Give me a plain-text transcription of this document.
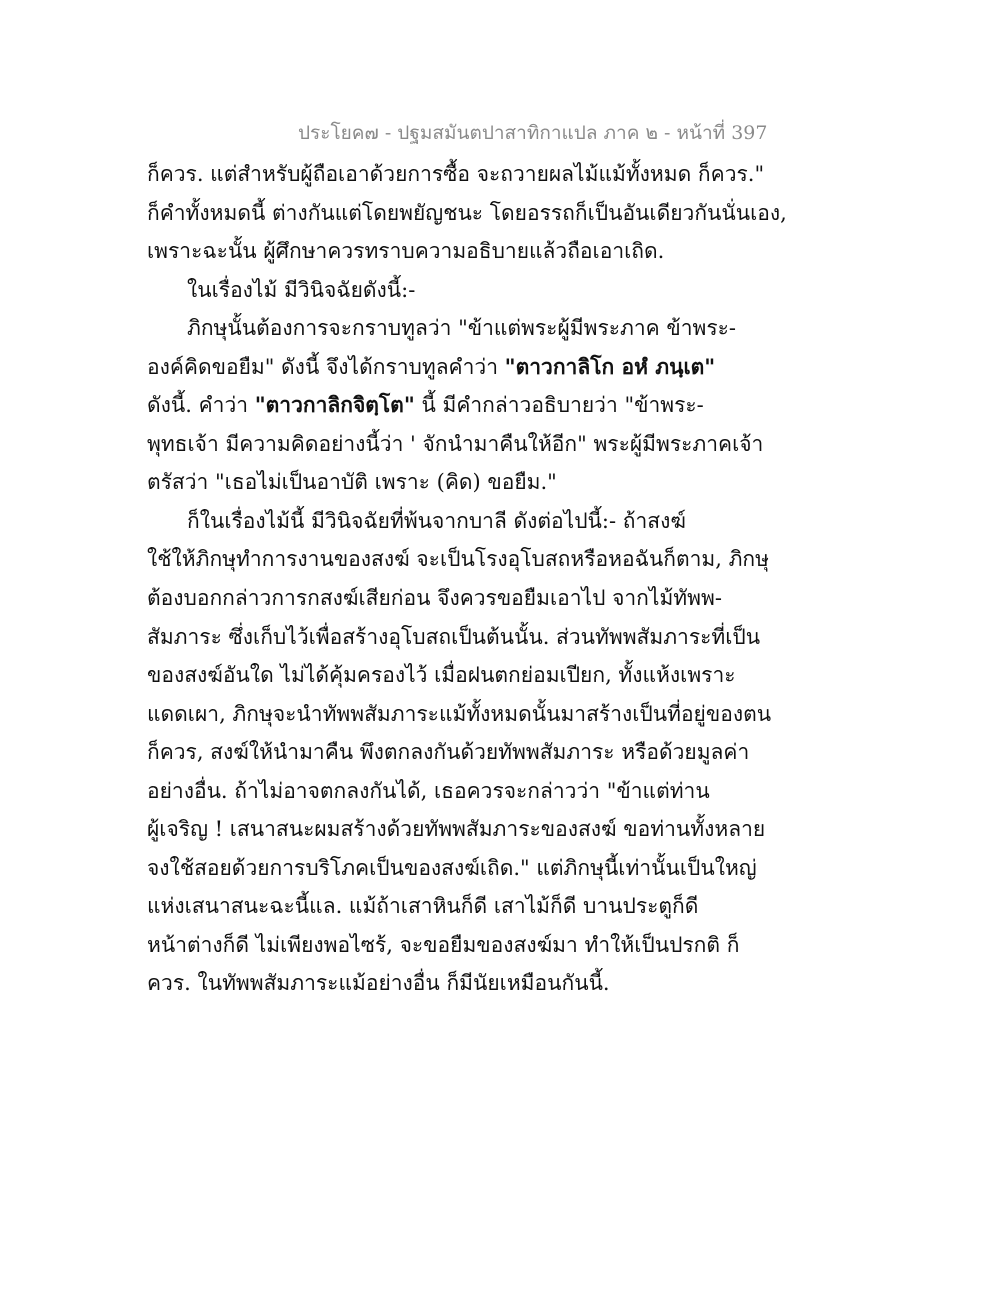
ประโยค๗ - ปฐมสมันตปาสาทิกาแปล ภาค ๒ - หน้าที่ 397
ก็ควร. แต่สำหรับผู้ถือเอาด้วยการซื้อ จะถวายผลไม้แม้ทั้งหมด ก็ควร."
ก็คำทั้งหมดนี้ ต่างกันแต่โดยพยัญชนะ โดยอรรถก็เป็นอันเดียวกันนั่นเอง,
เพราะฉะนั้น ผู้ศึกษาควรทราบความอธิบายแล้วถือเอาเถิด.
ในเรื่องไม้ มีวินิจฉัยดังนี้:-
ภิกษุนั้นต้องการจะกราบทูลว่า "ข้าแต่พระผู้มีพระภาค ข้าพระ-
องค์คิดขอยืม" ดังนี้ จึงได้กราบทูลคำว่า "ตาวกาลิโก อหํ ภนฺเต"
ดังนี้. คำว่า "ตาวกาลิกจิตฺโต" นี้ มีคำกล่าวอธิบายว่า "ข้าพระ-
พุทธเจ้า มีความคิดอย่างนี้ว่า ' จักนำมาคืนให้อีก" พระผู้มีพระภาคเจ้า
ตรัสว่า "เธอไม่เป็นอาบัติ เพราะ (คิด) ขอยืม."
ก็ในเรื่องไม้นี้ มีวินิจฉัยที่พ้นจากบาลี ดังต่อไปนี้:- ถ้าสงฆ์
ใช้ให้ภิกษุทำการงานของสงฆ์ จะเป็นโรงอุโบสถหรือหอฉันก็ตาม, ภิกษุ
ต้องบอกกล่าวการกสงฆ์เสียก่อน จึงควรขอยืมเอาไป จากไม้ทัพพ-
สัมภาระ ซึ่งเก็บไว้เพื่อสร้างอุโบสถเป็นต้นนั้น. ส่วนทัพพสัมภาระที่เป็น
ของสงฆ์อันใด ไม่ได้คุ้มครองไว้ เมื่อฝนตกย่อมเปียก, ทั้งแห้งเพราะ
แดดเผา, ภิกษุจะนำทัพพสัมภาระแม้ทั้งหมดนั้นมาสร้างเป็นที่อยู่ของตน
ก็ควร, สงฆ์ให้นำมาคืน พึงตกลงกันด้วยทัพพสัมภาระ หรือด้วยมูลค่า
อย่างอื่น. ถ้าไม่อาจตกลงกันได้, เธอควรจะกล่าวว่า "ข้าแต่ท่าน
ผู้เจริญ ! เสนาสนะผมสร้างด้วยทัพพสัมภาระของสงฆ์ ขอท่านทั้งหลาย
จงใช้สอยด้วยการบริโภคเป็นของสงฆ์เถิด." แต่ภิกษุนี้เท่านั้นเป็นใหญ่
แห่งเสนาสนะฉะนี้แล. แม้ถ้าเสาหินก็ดี เสาไม้ก็ดี บานประตูก็ดี
หน้าต่างก็ดี ไม่เพียงพอไซร้, จะขอยืมของสงฆ์มา ทำให้เป็นปรกติ ก็
ควร. ในทัพพสัมภาระแม้อย่างอื่น ก็มีนัยเหมือนกันนี้.
